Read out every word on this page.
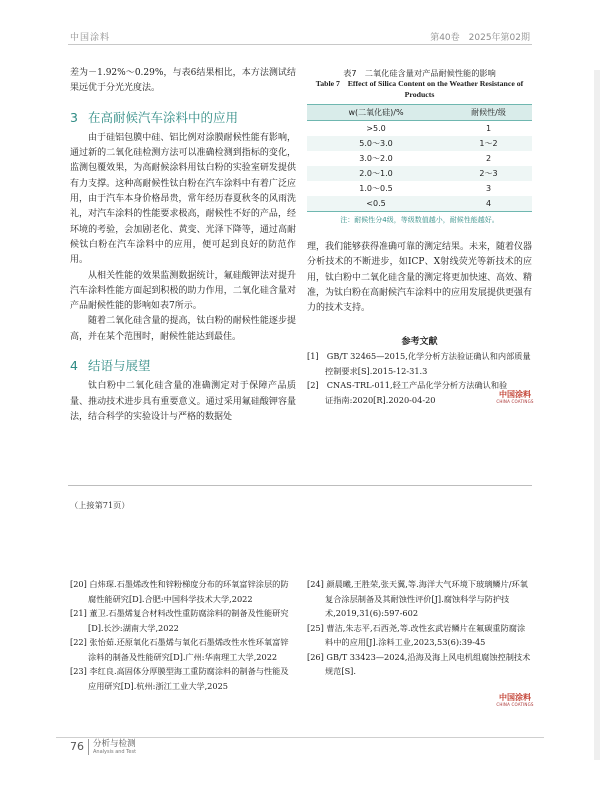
中国涂料	第40卷　2025年第02期

差为－1.92%～0.29%，与表6结果相比，本方法测试结果远优于分光光度法。

3 在高耐候汽车涂料中的应用

由于硅铝包膜中硅、铝比例对涂膜耐候性能有影响，通过新的二氧化硅检测方法可以准确检测到指标的变化，监测包覆效果，为高耐候涂料用钛白粉的实验室研发提供有力支撑。这种高耐候性钛白粉在汽车涂料中有着广泛应用，由于汽车本身价格昂贵，常年经历春夏秋冬的风雨洗礼，对汽车涂料的性能要求极高，耐候性不好的产品，经环境的考验，会加剧老化、黄变、光泽下降等，通过高耐候钛白粉在汽车涂料中的应用，便可起到良好的防范作用。

从相关性能的效果监测数据统计，氟硅酸钾法对提升汽车涂料性能方面起到积极的助力作用，二氧化硅含量对产品耐候性能的影响如表7所示。

随着二氧化硅含量的提高，钛白粉的耐候性能逐步提高，并在某个范围时，耐候性能达到最佳。

4 结语与展望

钛白粉中二氧化硅含量的准确测定对于保障产品质量、推动技术进步具有重要意义。通过采用氟硅酸钾容量法，结合科学的实验设计与严格的数据处

表7　二氧化硅含量对产品耐候性能的影响
Table 7　Effect of Silica Content on the Weather Resistance of Products
w(二氧化硅)/%	耐候性/级
>5.0	1
5.0～3.0	1～2
3.0～2.0	2
2.0～1.0	2～3
1.0～0.5	3
<0.5	4
注：耐候性分4级，等级数值越小，耐候性能越好。

理，我们能够获得准确可靠的测定结果。未来，随着仪器分析技术的不断进步，如ICP、X射线荧光等新技术的应用，钛白粉中二氧化硅含量的测定将更加快速、高效、精准，为钛白粉在高耐候汽车涂料中的应用发展提供更强有力的技术支持。

参考文献

[1]　GB/T 32465—2015,化学分析方法验证确认和内部质量控制要求[S].2015-12-31.3

[2]　CNAS-TRL-011,轻工产品化学分析方法确认和验证指南:2020[R].2020-04-20	中国涂料
CHINA COATINGS
（上接第71页）

[20] 白炜琛.石墨烯改性和锌粉梯度分布的环氧富锌涂层的防腐性能研究[D].合肥:中国科学技术大学,2022

[21] 董卫.石墨烯复合材料改性重防腐涂料的制备及性能研究[D].长沙:湖南大学,2022

[22] 张怡茹.还原氧化石墨烯与氧化石墨烯改性水性环氧富锌涂料的制备及性能研究[D].广州:华南理工大学,2022

[23] 李红良.高固体分厚膜型海工重防腐涂料的制备与性能及应用研究[D].杭州:浙江工业大学,2025

[24] 颜晨曦,王胜荣,张天翼,等.海洋大气环境下玻璃鳞片/环氧复合涂层制备及其耐蚀性评价[J].腐蚀科学与防护技术,2019,31(6):597-602

[25] 曹洁,朱志平,石西尧,等.改性玄武岩鳞片在氟碳重防腐涂料中的应用[J].涂料工业,2023,53(6):39-45

[26] GB/T 33423—2024,沿海及海上风电机组腐蚀控制技术规范[S].

中国涂料
CHINA COATINGS
76 分析与检测
Analysis and Test
